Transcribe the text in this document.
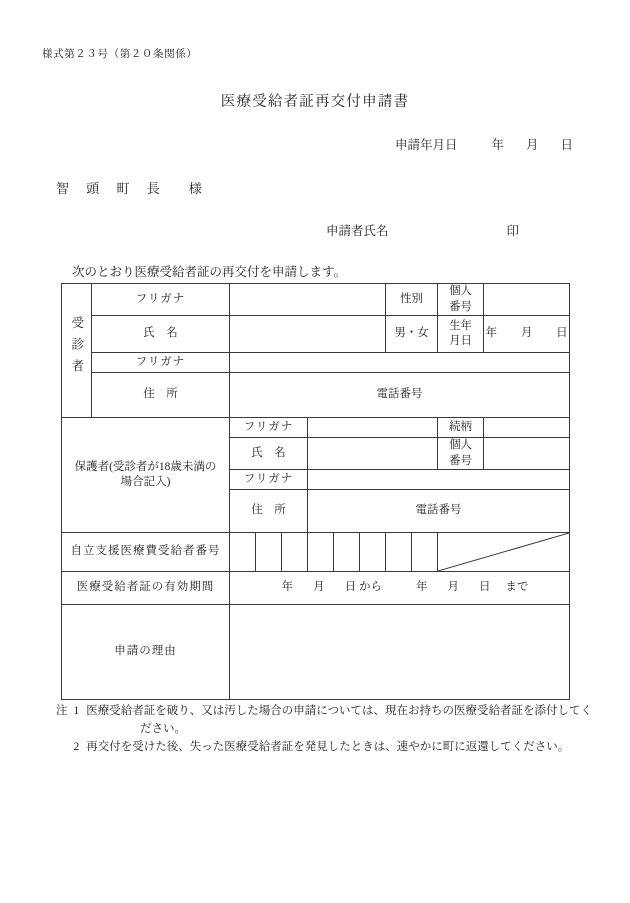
様式第２３号（第２０条関係）
医療受給者証再交付申請書
申請年月日	年 月 日
智 頭 町 長 様
申請者氏名	印
次のとおり医療受給者証の再交付を申請します。
受診者	フリガナ							性別		個人
番号	
	氏　名							男・女		生年
月日	年 月 日
	フリガナ										
	住　所	電話番号									
保護者(受診者が18歳未満の
場合記入)		フリガナ								続柄	
		氏　名								個人
番号	
		フリガナ									
		住　所			電話番号						
自立支援医療費受給者番号									

医療受給者証の有効期間		年 月 日 から 年 月 日 まで									
申請の理由											
注 1 医療受給者証を破り、又は汚した場合の申請については、現在お持ちの医療受給者証を添付してく
ださい。
2 再交付を受けた後、失った医療受給者証を発見したときは、速やかに町に返還してください。
